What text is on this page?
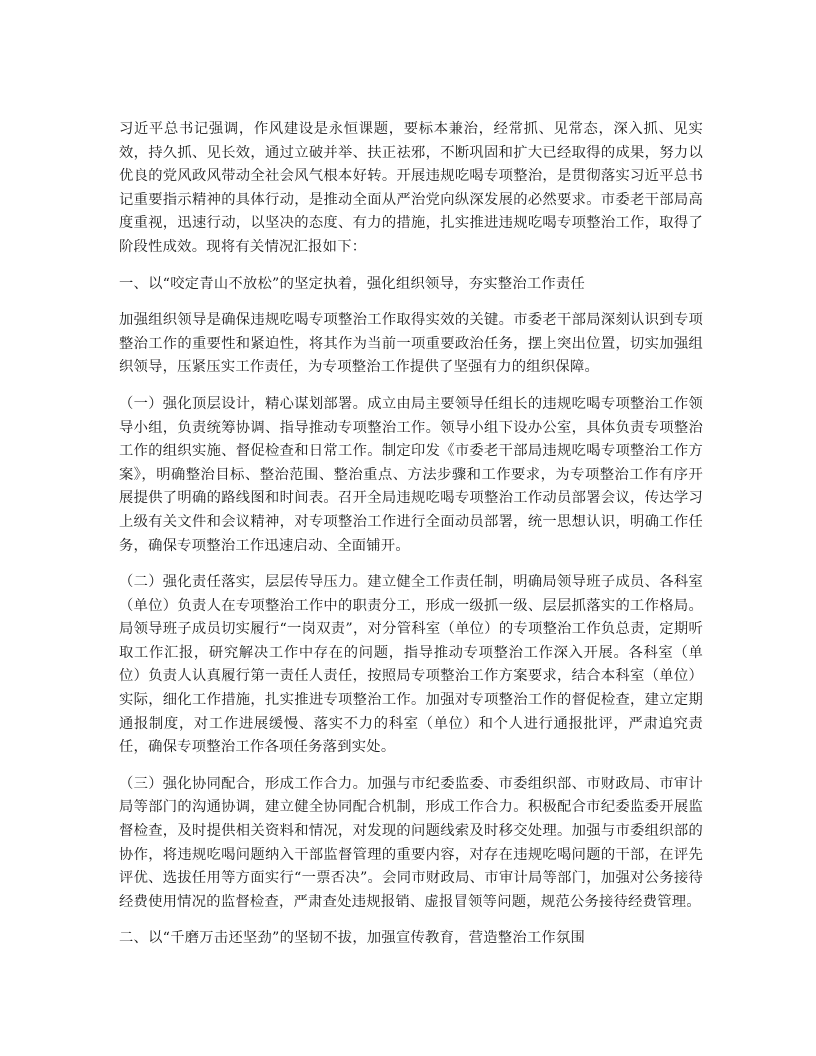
习近平总书记强调，作风建设是永恒课题，要标本兼治，经常抓、见常态，深入抓、见实效，持久抓、见长效，通过立破并举、扶正祛邪，不断巩固和扩大已经取得的成果，努力以优良的党风政风带动全社会风气根本好转。开展违规吃喝专项整治，是贯彻落实习近平总书记重要指示精神的具体行动，是推动全面从严治党向纵深发展的必然要求。市委老干部局高度重视，迅速行动，以坚决的态度、有力的措施，扎实推进违规吃喝专项整治工作，取得了阶段性成效。现将有关情况汇报如下：

一、以“咬定青山不放松”的坚定执着，强化组织领导，夯实整治工作责任

加强组织领导是确保违规吃喝专项整治工作取得实效的关键。市委老干部局深刻认识到专项整治工作的重要性和紧迫性，将其作为当前一项重要政治任务，摆上突出位置，切实加强组织领导，压紧压实工作责任，为专项整治工作提供了坚强有力的组织保障。

（一）强化顶层设计，精心谋划部署。成立由局主要领导任组长的违规吃喝专项整治工作领导小组，负责统筹协调、指导推动专项整治工作。领导小组下设办公室，具体负责专项整治工作的组织实施、督促检查和日常工作。制定印发《市委老干部局违规吃喝专项整治工作方案》，明确整治目标、整治范围、整治重点、方法步骤和工作要求，为专项整治工作有序开展提供了明确的路线图和时间表。召开全局违规吃喝专项整治工作动员部署会议，传达学习上级有关文件和会议精神，对专项整治工作进行全面动员部署，统一思想认识，明确工作任务，确保专项整治工作迅速启动、全面铺开。

（二）强化责任落实，层层传导压力。建立健全工作责任制，明确局领导班子成员、各科室（单位）负责人在专项整治工作中的职责分工，形成一级抓一级、层层抓落实的工作格局。局领导班子成员切实履行“一岗双责”，对分管科室（单位）的专项整治工作负总责，定期听取工作汇报，研究解决工作中存在的问题，指导推动专项整治工作深入开展。各科室（单位）负责人认真履行第一责任人责任，按照局专项整治工作方案要求，结合本科室（单位）实际，细化工作措施，扎实推进专项整治工作。加强对专项整治工作的督促检查，建立定期通报制度，对工作进展缓慢、落实不力的科室（单位）和个人进行通报批评，严肃追究责任，确保专项整治工作各项任务落到实处。

（三）强化协同配合，形成工作合力。加强与市纪委监委、市委组织部、市财政局、市审计局等部门的沟通协调，建立健全协同配合机制，形成工作合力。积极配合市纪委监委开展监督检查，及时提供相关资料和情况，对发现的问题线索及时移交处理。加强与市委组织部的协作，将违规吃喝问题纳入干部监督管理的重要内容，对存在违规吃喝问题的干部，在评先评优、选拔任用等方面实行“一票否决”。会同市财政局、市审计局等部门，加强对公务接待经费使用情况的监督检查，严肃查处违规报销、虚报冒领等问题，规范公务接待经费管理。

二、以“千磨万击还坚劲”的坚韧不拔，加强宣传教育，营造整治工作氛围
